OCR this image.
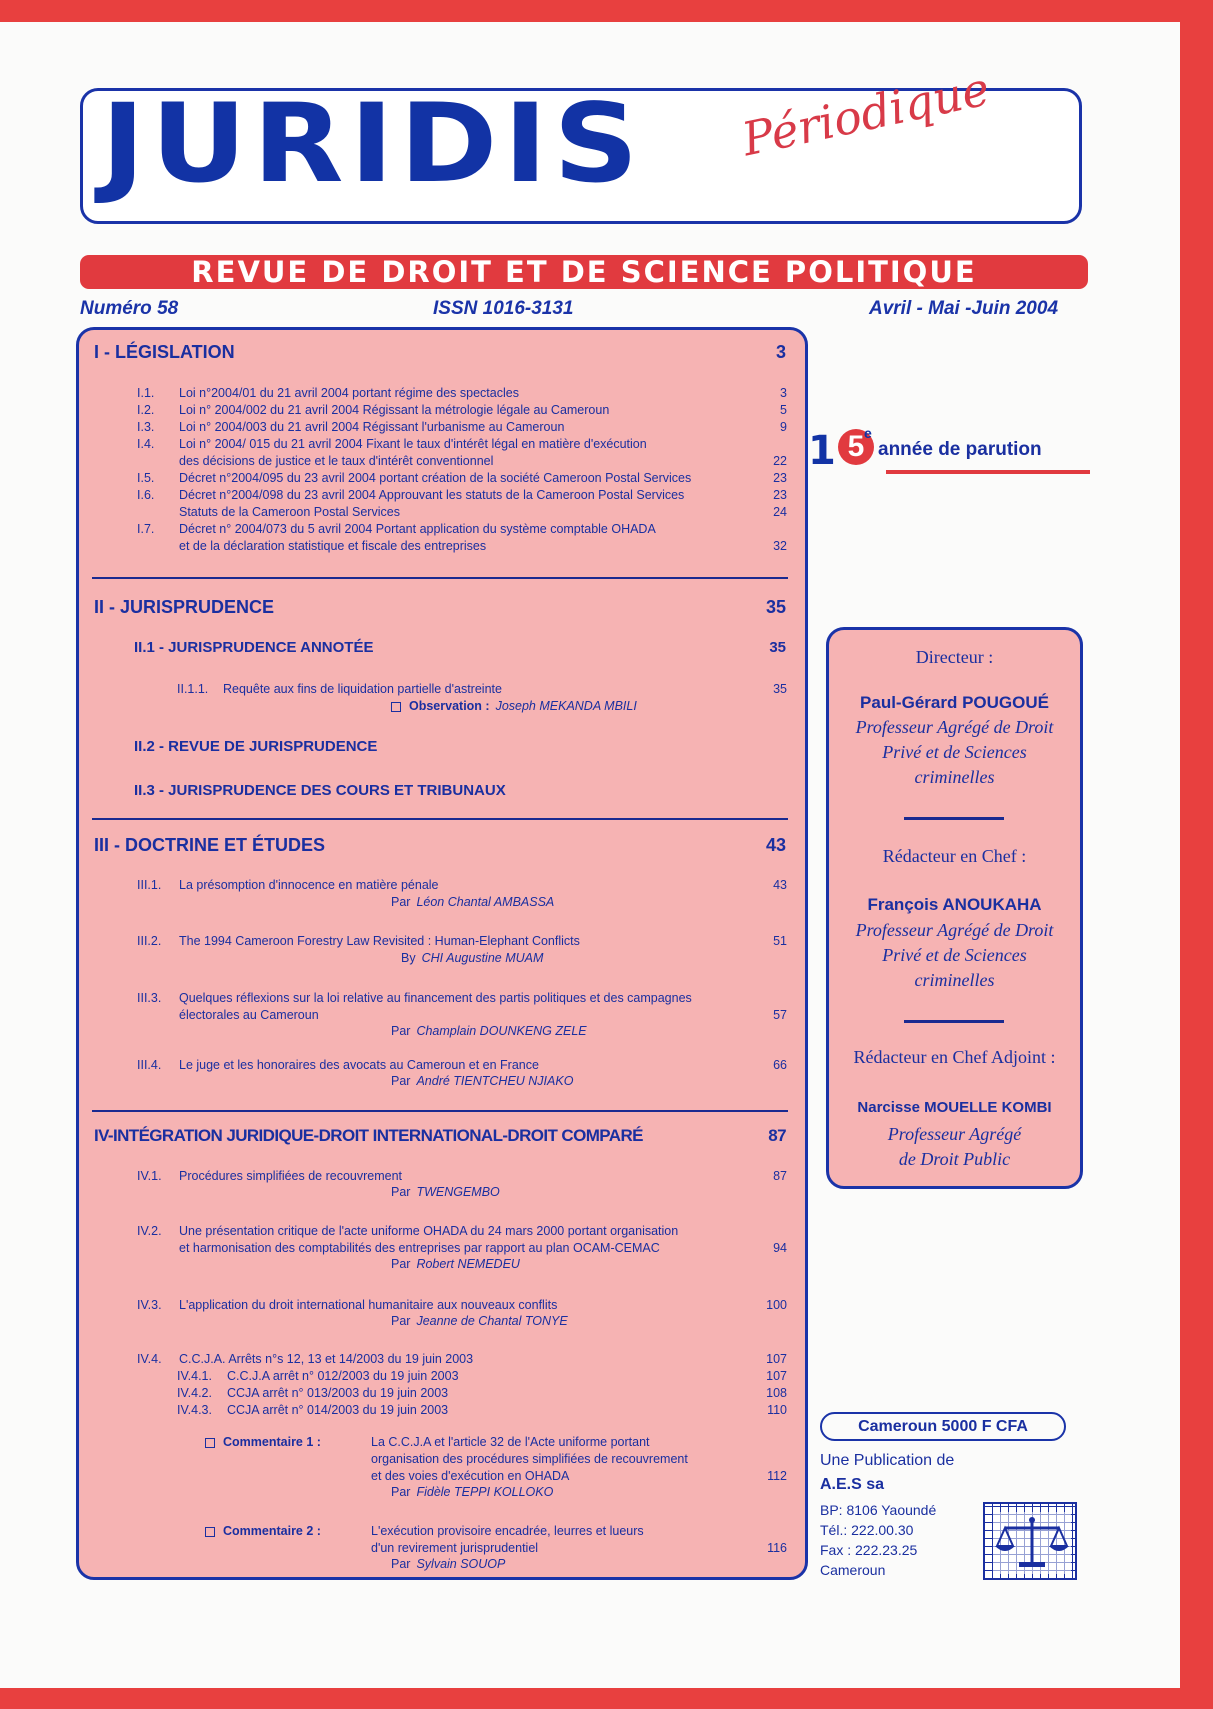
JURIDIS Périodique
REVUE DE DROIT ET DE SCIENCE POLITIQUE
Numéro 58	ISSN 1016-3131	Avril - Mai -Juin 2004
I - LÉGISLATION	3
I.1. Loi n°2004/01 du 21 avril 2004 portant régime des spectacles	3
I.2. Loi n° 2004/002 du 21 avril 2004 Régissant la métrologie légale au Cameroun	5
I.3. Loi n° 2004/003 du 21 avril 2004 Régissant l'urbanisme au Cameroun	9
I.4. Loi n° 2004/ 015 du 21 avril 2004 Fixant le taux d'intérêt légal en matière d'exécution
des décisions de justice et le taux d'intérêt conventionnel	22
I.5. Décret n°2004/095 du 23 avril 2004 portant création de la société Cameroon Postal Services	23
I.6. Décret n°2004/098 du 23 avril 2004 Approuvant les statuts de la Cameroon Postal Services	23
Statuts de la Cameroon Postal Services	24
I.7. Décret n° 2004/073 du 5 avril 2004 Portant application du système comptable OHADA
et de la déclaration statistique et fiscale des entreprises	32
II - JURISPRUDENCE	35
II.1 - JURISPRUDENCE ANNOTÉE	35
II.1.1. Requête aux fins de liquidation partielle d'astreinte	35
Observation : Joseph MEKANDA MBILI
II.2 - REVUE DE JURISPRUDENCE
II.3 - JURISPRUDENCE DES COURS ET TRIBUNAUX
III - DOCTRINE ET ÉTUDES	43
III.1. La présomption d'innocence en matière pénale	43
Par Léon Chantal AMBASSA
III.2. The 1994 Cameroon Forestry Law Revisited : Human-Elephant Conflicts	51
By CHI Augustine MUAM
III.3. Quelques réflexions sur la loi relative au financement des partis politiques et des campagnes
électorales au Cameroun	57
Par Champlain DOUNKENG ZELE
III.4. Le juge et les honoraires des avocats au Cameroun et en France	66
Par André TIENTCHEU NJIAKO
IV-INTÉGRATION JURIDIQUE-DROIT INTERNATIONAL-DROIT COMPARÉ	87
IV.1. Procédures simplifiées de recouvrement	87
Par TWENGEMBO
IV.2. Une présentation critique de l'acte uniforme OHADA du 24 mars 2000 portant organisation
et harmonisation des comptabilités des entreprises par rapport au plan OCAM-CEMAC	94
Par Robert NEMEDEU
IV.3. L'application du droit international humanitaire aux nouveaux conflits	100
Par Jeanne de Chantal TONYE
IV.4. C.C.J.A. Arrêts n°s 12, 13 et 14/2003 du 19 juin 2003	107
IV.4.1. C.C.J.A arrêt n° 012/2003 du 19 juin 2003	107
IV.4.2. CCJA arrêt n° 013/2003 du 19 juin 2003	108
IV.4.3. CCJA arrêt n° 014/2003 du 19 juin 2003	110
Commentaire 1 :	La C.C.J.A et l'article 32 de l'Acte uniforme portant
organisation des procédures simplifiées de recouvrement
et des voies d'exécution en OHADA	112
Par Fidèle TEPPI KOLLOKO
Commentaire 2 :	L'exécution provisoire encadrée, leurres et lueurs
d'un revirement jurisprudentiel	116
Par Sylvain SOUOP
1 5 e
année de parution
Directeur :
Paul-Gérard POUGOUÉ
Professeur Agrégé de Droit
Privé et de Sciences
criminelles
Rédacteur en Chef :
François ANOUKAHA
Professeur Agrégé de Droit
Privé et de Sciences
criminelles
Rédacteur en Chef Adjoint :
Narcisse MOUELLE KOMBI
Professeur Agrégé
de Droit Public
Cameroun 5000 F CFA
Une Publication de
A.E.S sa
BP: 8106 Yaoundé
Tél.: 222.00.30
Fax : 222.23.25
Cameroun
